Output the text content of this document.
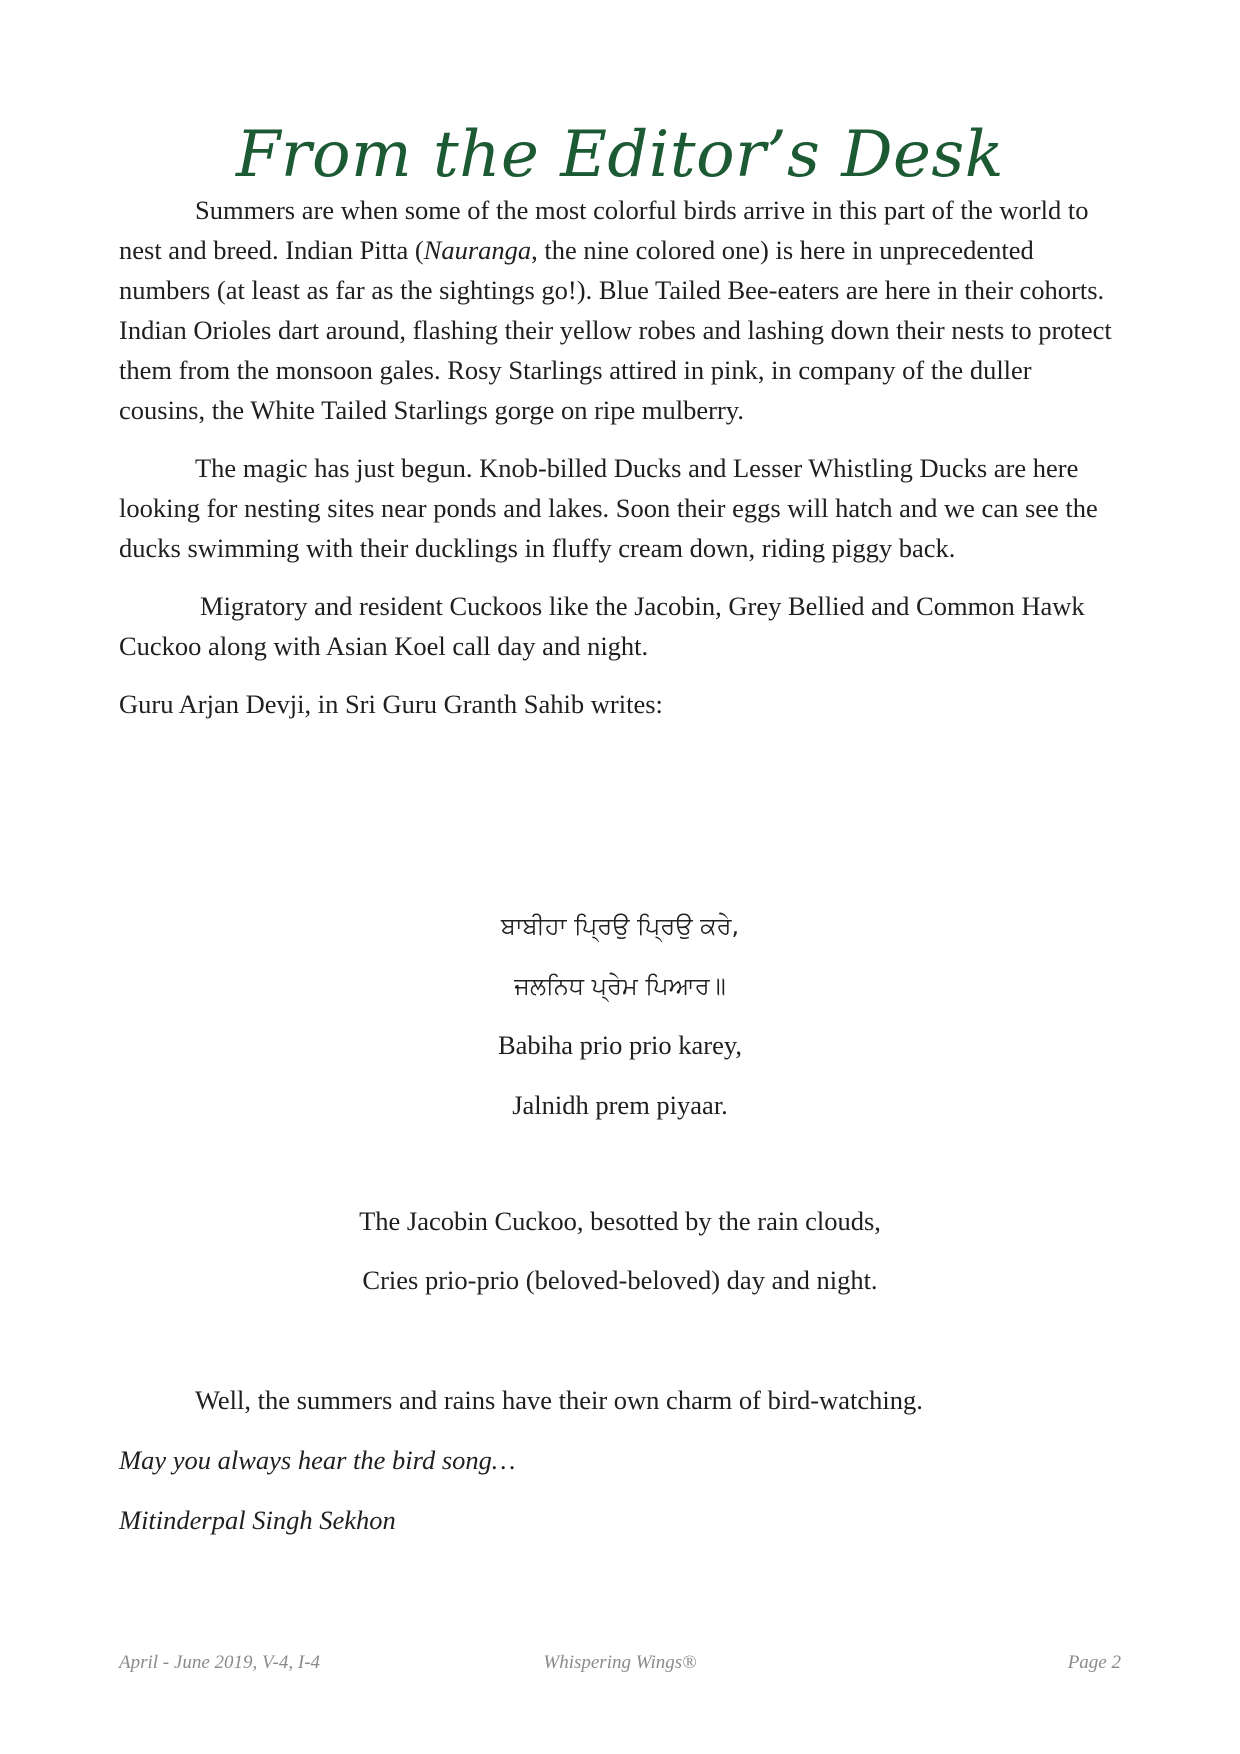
From the Editor’s Desk

Summers are when some of the most colorful birds arrive in this part of the world to nest and breed. Indian Pitta (Nauranga, the nine colored one) is here in unprecedented numbers (at least as far as the sightings go!). Blue Tailed Bee-eaters are here in their cohorts. Indian Orioles dart around, flashing their yellow robes and lashing down their nests to protect them from the monsoon gales. Rosy Starlings attired in pink, in company of the duller cousins, the White Tailed Starlings gorge on ripe mulberry.

The magic has just begun. Knob-billed Ducks and Lesser Whistling Ducks are here looking for nesting sites near ponds and lakes. Soon their eggs will hatch and we can see the ducks swimming with their ducklings in fluffy cream down, riding piggy back.

Migratory and resident Cuckoos like the Jacobin, Grey Bellied and Common Hawk Cuckoo along with Asian Koel call day and night.

Guru Arjan Devji, in Sri Guru Granth Sahib writes:

ਬਾਬੀਹਾ ਪ੍ਰਿਉ ਪ੍ਰਿਉ ਕਰੇ,
ਜਲਨਿਧ ਪ੍ਰੇਮ ਪਿਆਰ॥
Babiha prio prio karey,
Jalnidh prem piyaar.
The Jacobin Cuckoo, besotted by the rain clouds,
Cries prio-prio (beloved-beloved) day and night.

Well, the summers and rains have their own charm of bird-watching.

May you always hear the bird song…

Mitinderpal Singh Sekhon

April - June 2019, V-4, I-4	Whispering Wings®	Page 2
